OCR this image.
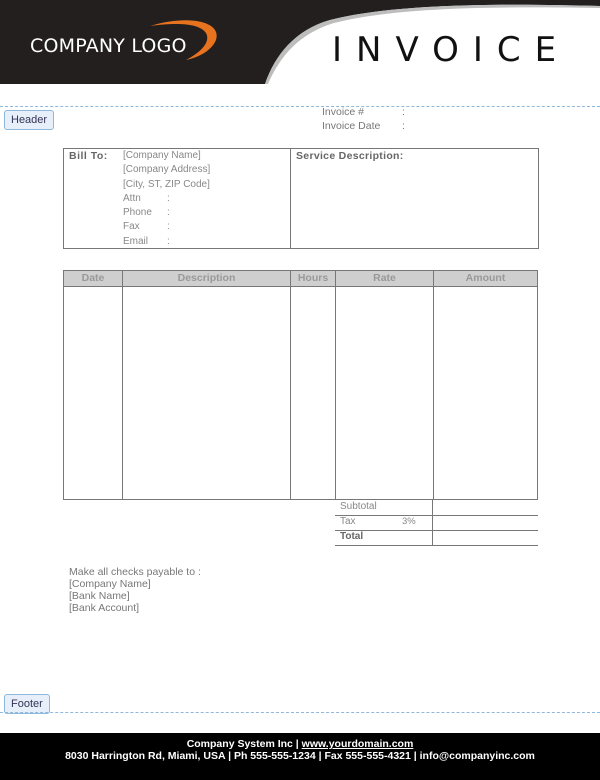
COMPANY LOGO	INVOICE
Header
Invoice #	:
Invoice Date	:
Bill To: [Company Name]
[Company Address]
[City, ST, ZIP Code]
Attn	:
Phone	:
Fax	:
Email	:
Service Description:
Date	Description	Hours	Rate	Amount
Subtotal
Tax	3%
Total
Make all checks payable to :
[Company Name]
[Bank Name]
[Bank Account]
Footer
Company System Inc | www.yourdomain.com
8030 Harrington Rd, Miami, USA | Ph 555-555-1234 | Fax 555-555-4321 | info@companyinc.com
